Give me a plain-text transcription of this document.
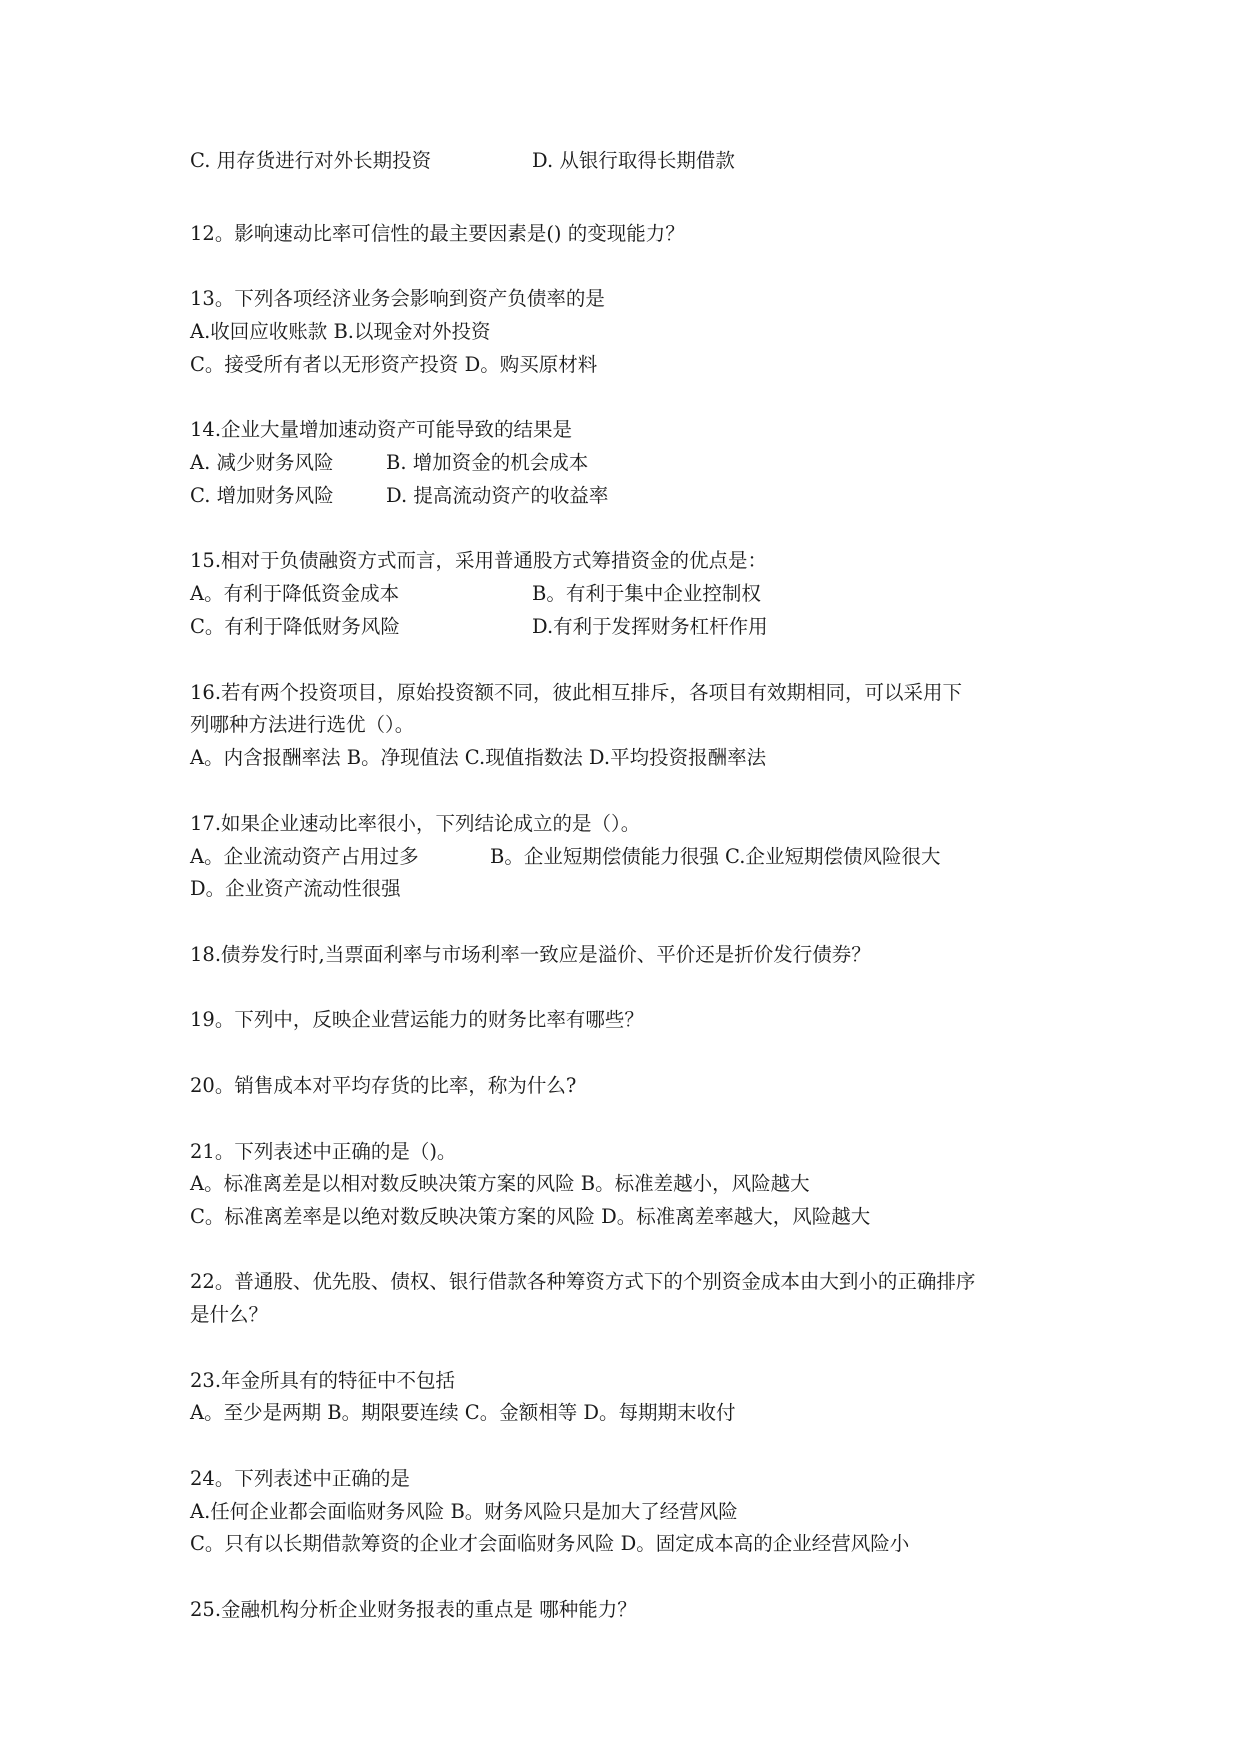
C. 用存货进行对外长期投资	D. 从银行取得长期借款
12。影响速动比率可信性的最主要因素是() 的变现能力？
13。下列各项经济业务会影响到资产负债率的是
A.收回应收账款 B.以现金对外投资
C。接受所有者以无形资产投资 D。购买原材料
14.企业大量增加速动资产可能导致的结果是
A. 减少财务风险	B. 增加资金的机会成本
C. 增加财务风险	D. 提高流动资产的收益率
15.相对于负债融资方式而言，采用普通股方式筹措资金的优点是：
A。有利于降低资金成本	B。有利于集中企业控制权
C。有利于降低财务风险	D.有利于发挥财务杠杆作用
16.若有两个投资项目，原始投资额不同，彼此相互排斥，各项目有效期相同，可以采用下
列哪种方法进行选优（）。
A。内含报酬率法 B。净现值法 C.现值指数法 D.平均投资报酬率法
17.如果企业速动比率很小，下列结论成立的是（）。
A。企业流动资产占用过多	B。企业短期偿债能力很强 C.企业短期偿债风险很大
D。企业资产流动性很强
18.债券发行时,当票面利率与市场利率一致应是溢价、平价还是折价发行债券？
19。下列中，反映企业营运能力的财务比率有哪些？
20。销售成本对平均存货的比率，称为什么?
21。下列表述中正确的是（)。
A。标准离差是以相对数反映决策方案的风险 B。标准差越小，风险越大
C。标准离差率是以绝对数反映决策方案的风险 D。标准离差率越大，风险越大
22。普通股、优先股、债权、银行借款各种筹资方式下的个别资金成本由大到小的正确排序
是什么？
23.年金所具有的特征中不包括
A。至少是两期 B。期限要连续 C。金额相等 D。每期期末收付
24。下列表述中正确的是
A.任何企业都会面临财务风险 B。财务风险只是加大了经营风险
C。只有以长期借款筹资的企业才会面临财务风险 D。固定成本高的企业经营风险小
25.金融机构分析企业财务报表的重点是 哪种能力？
